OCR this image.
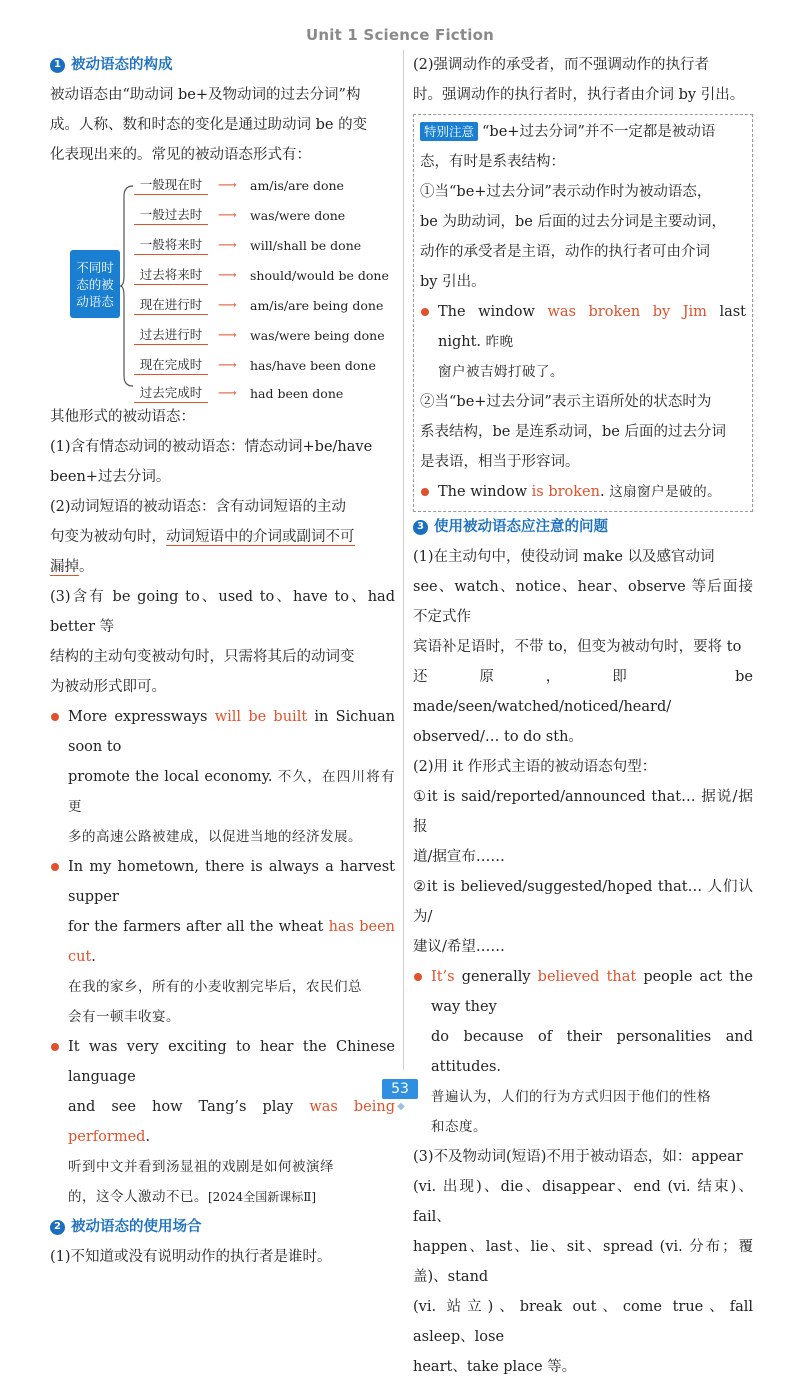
Unit 1 Science Fiction
1 被动语态的构成

被动语态由“助动词 be+及物动词的过去分词”构

成。人称、数和时态的变化是通过助动词 be 的变

化表现出来的。常见的被动语态形式有：

不同时
态的被
动语态
一般现在时	⟶	am/is/are done
一般过去时	⟶	was/were done
一般将来时	⟶	will/shall be done
过去将来时	⟶	should/would be done
现在进行时	⟶	am/is/are being done
过去进行时	⟶	was/were being done
现在完成时	⟶	has/have been done
过去完成时	⟶	had been done

其他形式的被动语态：

(1)含有情态动词的被动语态：情态动词+be/have

been+过去分词。

(2)动词短语的被动语态：含有动词短语的主动

句变为被动句时，动词短语中的介词或副词不可

漏掉。

(3)含有 be going to、used to、have to、had better 等

结构的主动句变被动句时，只需将其后的动词变

为被动形式即可。

More expressways will be built in Sichuan soon to

promote the local economy. 不久，在四川将有更

多的高速公路被建成，以促进当地的经济发展。

In my hometown, there is always a harvest supper

for the farmers after all the wheat has been cut.

在我的家乡，所有的小麦收割完毕后，农民们总

会有一顿丰收宴。

It was very exciting to hear the Chinese language

and see how Tang’s play was being performed.

听到中文并看到汤显祖的戏剧是如何被演绎

的，这令人激动不已。[2024全国新课标Ⅱ]

2 被动语态的使用场合

(1)不知道或没有说明动作的执行者是谁时。

(2)强调动作的承受者，而不强调动作的执行者

时。强调动作的执行者时，执行者由介词 by 引出。

特别注意 “be+过去分词”并不一定都是被动语

态，有时是系表结构：

①当“be+过去分词”表示动作时为被动语态，

be 为助动词，be 后面的过去分词是主要动词，

动作的承受者是主语，动作的执行者可由介词

by 引出。

The window was broken by Jim last night. 昨晚

窗户被吉姆打破了。

②当“be+过去分词”表示主语所处的状态时为

系表结构，be 是连系动词，be 后面的过去分词

是表语，相当于形容词。

The window is broken. 这扇窗户是破的。

3 使用被动语态应注意的问题

(1)在主动句中，使役动词 make 以及感官动词

see、watch、notice、hear、observe 等后面接不定式作

宾语补足语时，不带 to，但变为被动句时，要将 to

还原，即 be made/seen/watched/noticed/heard/

observed/… to do sth。

(2)用 it 作形式主语的被动语态句型：

①it is said/reported/announced that… 据说/据报

道/据宣布……

②it is believed/suggested/hoped that… 人们认为/

建议/希望……

It’s generally believed that people act the way they

do because of their personalities and attitudes.

普遍认为，人们的行为方式归因于他们的性格

和态度。

(3)不及物动词(短语)不用于被动语态，如：appear

(vi. 出现)、die、disappear、end (vi. 结束)、fail、

happen、last、lie、sit、spread (vi. 分布；覆盖)、stand

(vi. 站立)、break out、come true、fall asleep、lose

heart、take place 等。

53
◆
